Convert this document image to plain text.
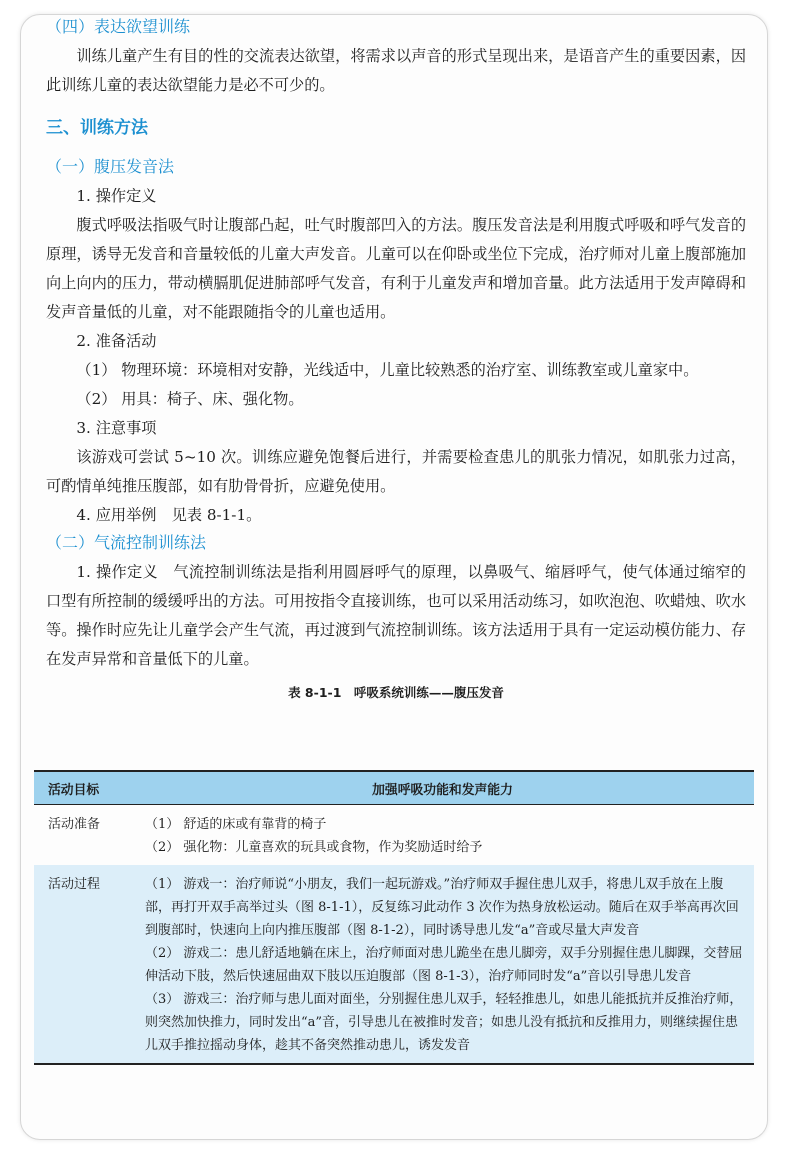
（四）表达欲望训练

训练儿童产生有目的性的交流表达欲望，将需求以声音的形式呈现出来，是语音产生的重要因素，因此训练儿童的表达欲望能力是必不可少的。

三、训练方法
（一）腹压发音法

1. 操作定义

腹式呼吸法指吸气时让腹部凸起，吐气时腹部凹入的方法。腹压发音法是利用腹式呼吸和呼气发音的原理，诱导无发音和音量较低的儿童大声发音。儿童可以在仰卧或坐位下完成，治疗师对儿童上腹部施加向上向内的压力，带动横膈肌促进肺部呼气发音，有利于儿童发声和增加音量。此方法适用于发声障碍和发声音量低的儿童，对不能跟随指令的儿童也适用。

2. 准备活动

（1） 物理环境：环境相对安静，光线适中，儿童比较熟悉的治疗室、训练教室或儿童家中。

（2） 用具：椅子、床、强化物。

3. 注意事项

该游戏可尝试 5~10 次。训练应避免饱餐后进行，并需要检查患儿的肌张力情况，如肌张力过高，可酌情单纯推压腹部，如有肋骨骨折，应避免使用。

4. 应用举例　见表 8-1-1。

（二）气流控制训练法

1. 操作定义　气流控制训练法是指利用圆唇呼气的原理，以鼻吸气、缩唇呼气，使气体通过缩窄的口型有所控制的缓缓呼出的方法。可用按指令直接训练，也可以采用活动练习，如吹泡泡、吹蜡烛、吹水等。操作时应先让儿童学会产生气流，再过渡到气流控制训练。该方法适用于具有一定运动模仿能力、存在发声异常和音量低下的儿童。

表 8-1-1　呼吸系统训练——腹压发音
活动目标	加强呼吸功能和发声能力
活动准备	（1） 舒适的床或有靠背的椅子
（2） 强化物：儿童喜欢的玩具或食物，作为奖励适时给予

活动过程	（1） 游戏一：治疗师说“小朋友，我们一起玩游戏。”治疗师双手握住患儿双手，将患儿双手放在上腹部，再打开双手高举过头（图 8-1-1），反复练习此动作 3 次作为热身放松运动。随后在双手举高再次回到腹部时，快速向上向内推压腹部（图 8-1-2），同时诱导患儿发“a”音或尽量大声发音
（2） 游戏二：患儿舒适地躺在床上，治疗师面对患儿跪坐在患儿脚旁，双手分别握住患儿脚踝，交替屈伸活动下肢，然后快速屈曲双下肢以压迫腹部（图 8-1-3），治疗师同时发“a”音以引导患儿发音
（3） 游戏三：治疗师与患儿面对面坐，分别握住患儿双手，轻轻推患儿，如患儿能抵抗并反推治疗师，则突然加快推力，同时发出“a”音，引导患儿在被推时发音；如患儿没有抵抗和反推用力，则继续握住患儿双手推拉摇动身体，趁其不备突然推动患儿，诱发发音
